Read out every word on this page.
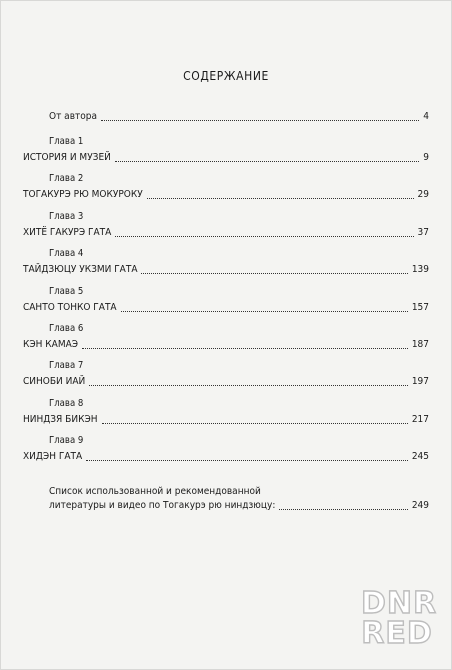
СОДЕРЖАНИЕ
От автора	4
Глава 1
ИСТОРИЯ И МУЗЕЙ	9
Глава 2
ТОГАКУРЭ РЮ МОКУРОКУ	29
Глава 3
ХИТЁ ГАКУРЭ ГАТА	37
Глава 4
ТАЙДЗЮЦУ УКЗМИ ГАТА	139
Глава 5
САНТО ТОНКО ГАТА	157
Глава 6
КЭН КАМАЭ	187
Глава 7
СИНОБИ ИАЙ	197
Глава 8
НИНДЗЯ БИКЭН	217
Глава 9
ХИДЭН ГАТА	245
Список использованной и рекомендованной
литературы и видео по Тогакурэ рю ниндзюцу:	249
DNR
RED
